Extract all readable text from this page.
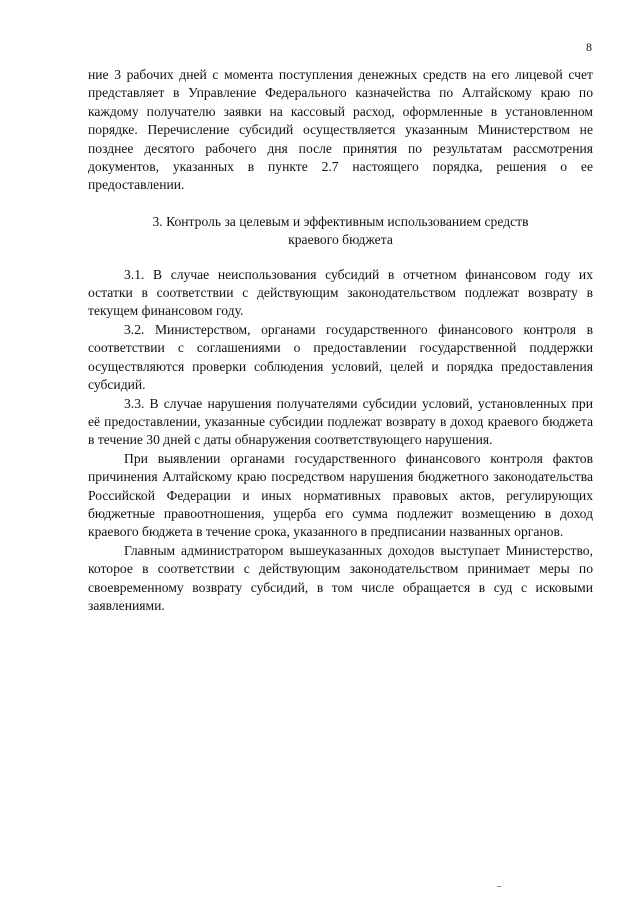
8

ние 3 рабочих дней с момента поступления денежных средств на его лицевой счет представляет в Управление Федерального казначейства по Алтайскому краю по каждому получателю заявки на кассовый расход, оформленные в установленном порядке. Перечисление субсидий осуществляется указанным Министерством не позднее десятого рабочего дня после принятия по результатам рассмотрения документов, указанных в пункте 2.7 настоящего порядка, решения о ее предоставлении.

3. Контроль за целевым и эффективным использованием средств краевого бюджета

3.1. В случае неиспользования субсидий в отчетном финансовом году их остатки в соответствии с действующим законодательством подлежат возврату в текущем финансовом году.

3.2. Министерством, органами государственного финансового контроля в соответствии с соглашениями о предоставлении государственной поддержки осуществляются проверки соблюдения условий, целей и порядка предоставления субсидий.

3.3. В случае нарушения получателями субсидии условий, установленных при её предоставлении, указанные субсидии подлежат возврату в доход краевого бюджета в течение 30 дней с даты обнаружения соответствующего нарушения.

При выявлении органами государственного финансового контроля фактов причинения Алтайскому краю посредством нарушения бюджетного законодательства Российской Федерации и иных нормативных правовых актов, регулирующих бюджетные правоотношения, ущерба его сумма подлежит возмещению в доход краевого бюджета в течение срока, указанного в предписании названных органов.

Главным администратором вышеуказанных доходов выступает Министерство, которое в соответствии с действующим законодательством принимает меры по своевременному возврату субсидий, в том числе обращается в суд с исковыми заявлениями.
